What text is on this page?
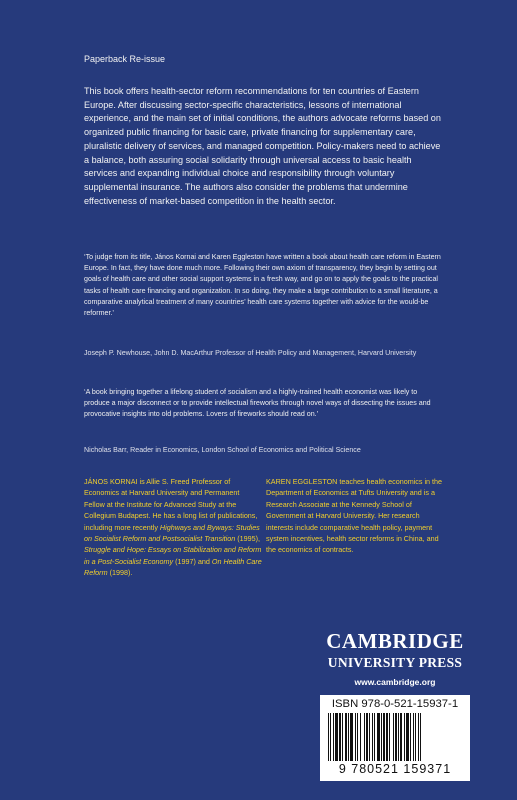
Paperback Re-issue

This book offers health-sector reform recommendations for ten countries of Eastern Europe. After discussing sector-specific characteristics, lessons of international experience, and the main set of initial conditions, the authors advocate reforms based on organized public financing for basic care, private financing for supplementary care, pluralistic delivery of services, and managed competition. Policy-makers need to achieve a balance, both assuring social solidarity through universal access to basic health services and expanding individual choice and responsibility through voluntary supplemental insurance. The authors also consider the problems that undermine effectiveness of market-based competition in the health sector.

‘To judge from its title, János Kornai and Karen Eggleston have written a book about health care reform in Eastern Europe. In fact, they have done much more. Following their own axiom of transparency, they begin by setting out goals of health care and other social support systems in a fresh way, and go on to apply the goals to the practical tasks of health care financing and organization. In so doing, they make a large contribution to a small literature, a comparative analytical treatment of many countries’ health care systems together with advice for the would-be reformer.’

Joseph P. Newhouse, John D. MacArthur Professor of Health Policy and Management, Harvard University

‘A book bringing together a lifelong student of socialism and a highly-trained health economist was likely to produce a major disconnect or to provide intellectual fireworks through novel ways of dissecting the issues and provocative insights into old problems. Lovers of fireworks should read on.’

Nicholas Barr, Reader in Economics, London School of Economics and Political Science

JÁNOS KORNAI is Allie S. Freed Professor of Economics at Harvard University and Permanent Fellow at the Institute for Advanced Study at the Collegium Budapest. He has a long list of publications, including more recently Highways and Byways: Studies on Socialist Reform and Postsocialist Transition (1995), Struggle and Hope: Essays on Stabilization and Reform in a Post-Socialist Economy (1997) and On Health Care Reform (1998).

KAREN EGGLESTON teaches health economics in the Department of Economics at Tufts University and is a Research Associate at the Kennedy School of Government at Harvard University. Her research interests include comparative health policy, payment system incentives, health sector reforms in China, and the economics of contracts.

CAMBRIDGE
UNIVERSITY PRESS
www.cambridge.org
ISBN 978-0-521-15937-1
9 780521 159371
